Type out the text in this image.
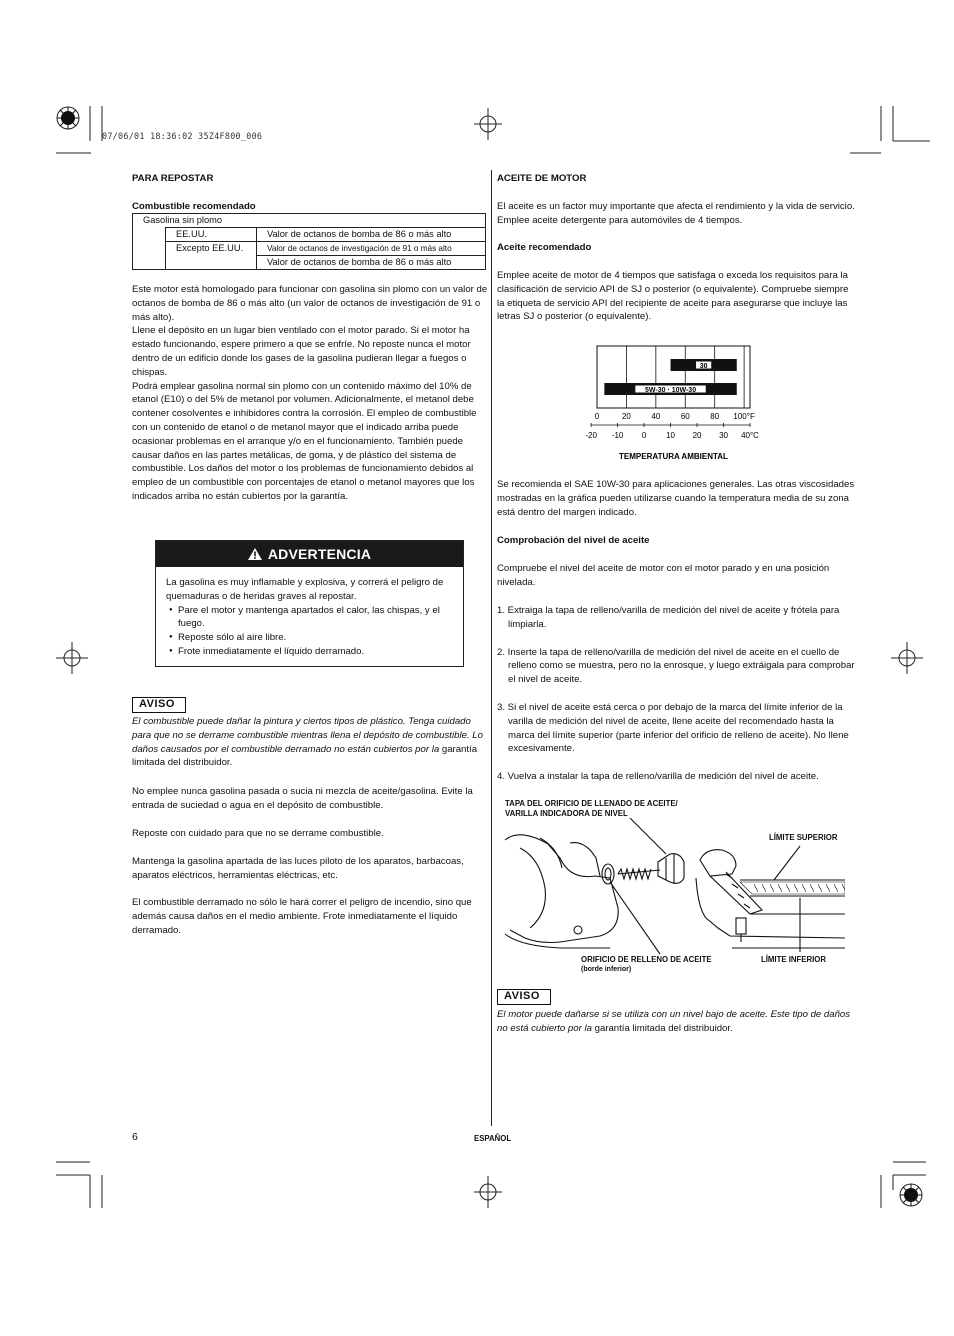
07/06/01 18:36:02 35Z4F800_006
PARA REPOSTAR
Combustible recomendado
Gasolina sin plomo		
	EE.UU.	Valor de octanos de bomba de 86 o más alto
	Excepto EE.UU.	Valor de octanos de investigación de 91 o más alto
		Valor de octanos de bomba de 86 o más alto

Este motor está homologado para funcionar con gasolina sin plomo con un valor de octanos de bomba de 86 o más alto (un valor de octanos de investigación de 91 o más alto).

Llene el depósito en un lugar bien ventilado con el motor parado. Si el motor ha estado funcionando, espere primero a que se enfríe. No reposte nunca el motor dentro de un edificio donde los gases de la gasolina pudieran llegar a fuegos o chispas.

Podrá emplear gasolina normal sin plomo con un contenido máximo del 10% de etanol (E10) o del 5% de metanol por volumen. Adicionalmente, el metanol debe contener cosolventes e inhibidores contra la corrosión. El empleo de combustible con un contenido de etanol o de metanol mayor que el indicado arriba puede ocasionar problemas en el arranque y/o en el funcionamiento. También puede causar daños en las partes metálicas, de goma, y de plástico del sistema de combustible. Los daños del motor o los problemas de funcionamiento debidos al empleo de un combustible con porcentajes de etanol o metanol mayores que los indicados arriba no están cubiertos por la garantía.

ADVERTENCIA

La gasolina es muy inflamable y explosiva, y correrá el peligro de quemaduras o de heridas graves al repostar.

● Pare el motor y mantenga apartados el calor, las chispas, y el fuego.
● Reposte sólo al aire libre.
● Frote inmediatamente el líquido derramado.
AVISO
El combustible puede dañar la pintura y ciertos tipos de plástico. Tenga cuidado para que no se derrame combustible mientras llena el depósito de combustible. Lo daños causados por el combustible derramado no están cubiertos por la garantía limitada del distribuidor.
No emplee nunca gasolina pasada o sucia ni mezcla de aceite/gasolina. Evite la entrada de suciedad o agua en el depósito de combustible.
Reposte con cuidado para que no se derrame combustible.
Mantenga la gasolina apartada de las luces piloto de los aparatos, barbacoas, aparatos eléctricos, herramientas eléctricas, etc.
El combustible derramado no sólo le hará correr el peligro de incendio, sino que además causa daños en el medio ambiente. Frote inmediatamente el líquido derramado.
ACEITE DE MOTOR
El aceite es un factor muy importante que afecta el rendimiento y la vida de servicio. Emplee aceite detergente para automóviles de 4 tiempos.
Aceite recomendado
Emplee aceite de motor de 4 tiempos que satisfaga o exceda los requisitos para la clasificación de servicio API de SJ o posterior (o equivalente). Compruebe siempre la etiqueta de servicio API del recipiente de aceite para asegurarse que incluye las letras SJ o posterior (o equivalente).
0	20	40	60	80 100°F
-20 -10 0 10 20 30 40°C
30
5W-30 · 10W-30
TEMPERATURA AMBIENTAL
Se recomienda el SAE 10W-30 para aplicaciones generales. Las otras viscosidades mostradas en la gráfica pueden utilizarse cuando la temperatura media de su zona está dentro del margen indicado.
Comprobación del nivel de aceite
Compruebe el nivel del aceite de motor con el motor parado y en una posición nivelada.

1. Extraiga la tapa de relleno/varilla de medición del nivel de aceite y frótela para limpiarla.

2. Inserte la tapa de relleno/varilla de medición del nivel de aceite en el cuello de relleno como se muestra, pero no la enrosque, y luego extráigala para comprobar el nivel de aceite.

3. Si el nivel de aceite está cerca o por debajo de la marca del límite inferior de la varilla de medición del nivel de aceite, llene aceite del recomendado hasta la marca del límite superior (parte inferior del orificio de relleno de aceite). No llene excesivamente.

4. Vuelva a instalar la tapa de relleno/varilla de medición del nivel de aceite.

TAPA DEL ORIFICIO DE LLENADO DE ACEITE/
VARILLA INDICADORA DE NIVEL
LÍMITE SUPERIOR
ORIFICIO DE RELLENO DE ACEITE
(borde inferior)
LÍMITE INFERIOR
AVISO
El motor puede dañarse si se utiliza con un nivel bajo de aceite. Este tipo de daños no está cubierto por la garantía limitada del distribuidor.
6	ESPAÑOL
